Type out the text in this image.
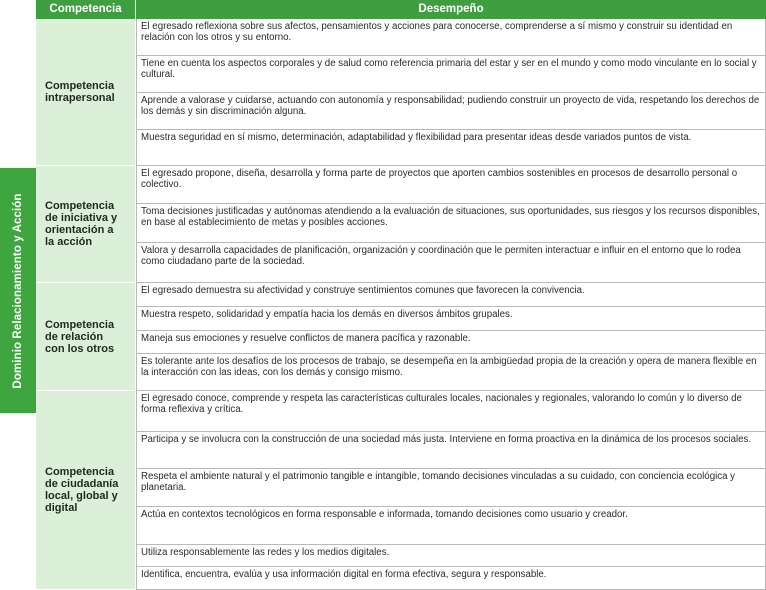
Dominio Relacionamiento y Acción
Competencia	Desempeño
Competencia
intrapersonal
El egresado reflexiona sobre sus afectos, pensamientos y acciones para conocerse, comprenderse a sí mismo y construir su identidad en relación con los otros y su entorno.
Tiene en cuenta los aspectos corporales y de salud como referencia primaria del estar y ser en el mundo y como modo vinculante en lo social y cultural.
Aprende a valorase y cuidarse, actuando con autonomía y responsabilidad; pudiendo construir un proyecto de vida, respetando los derechos de los demás y sin discriminación alguna.
Muestra seguridad en sí mismo, determinación, adaptabilidad y flexibilidad para presentar ideas desde variados puntos de vista.
Competencia
de iniciativa y
orientación a
la acción
El egresado propone, diseña, desarrolla y forma parte de proyectos que aporten cambios sostenibles en procesos de desarrollo personal o colectivo.
Toma decisiones justificadas y autónomas atendiendo a la evaluación de situaciones, sus oportunidades, sus riesgos y los recursos disponibles, en base al establecimiento de metas y posibles acciones.
Valora y desarrolla capacidades de planificación, organización y coordinación que le permiten interactuar e influir en el entorno que lo rodea como ciudadano parte de la sociedad.
Competencia
de relación
con los otros
El egresado demuestra su afectividad y construye sentimientos comunes que favorecen la convivencia.
Muestra respeto, solidaridad y empatía hacia los demás en diversos ámbitos grupales.
Maneja sus emociones y resuelve conflictos de manera pacífica y razonable.
Es tolerante ante los desafíos de los procesos de trabajo, se desempeña en la ambigüedad propia de la creación y opera de manera flexible en la interacción con las ideas, con los demás y consigo mismo.
Competencia
de ciudadanía
local, global y
digital
El egresado conoce, comprende y respeta las características culturales locales, nacionales y regionales, valorando lo común y lo diverso de forma reflexiva y crítica.
Participa y se involucra con la construcción de una sociedad más justa. Interviene en forma proactiva en la dinámica de los procesos sociales.
Respeta el ambiente natural y el patrimonio tangible e intangible, tomando decisiones vinculadas a su cuidado, con conciencia ecológica y planetaria.
Actúa en contextos tecnológicos en forma responsable e informada, tomando decisiones como usuario y creador.
Utiliza responsablemente las redes y los medios digitales.
Identifica, encuentra, evalúa y usa información digital en forma efectiva, segura y responsable.
